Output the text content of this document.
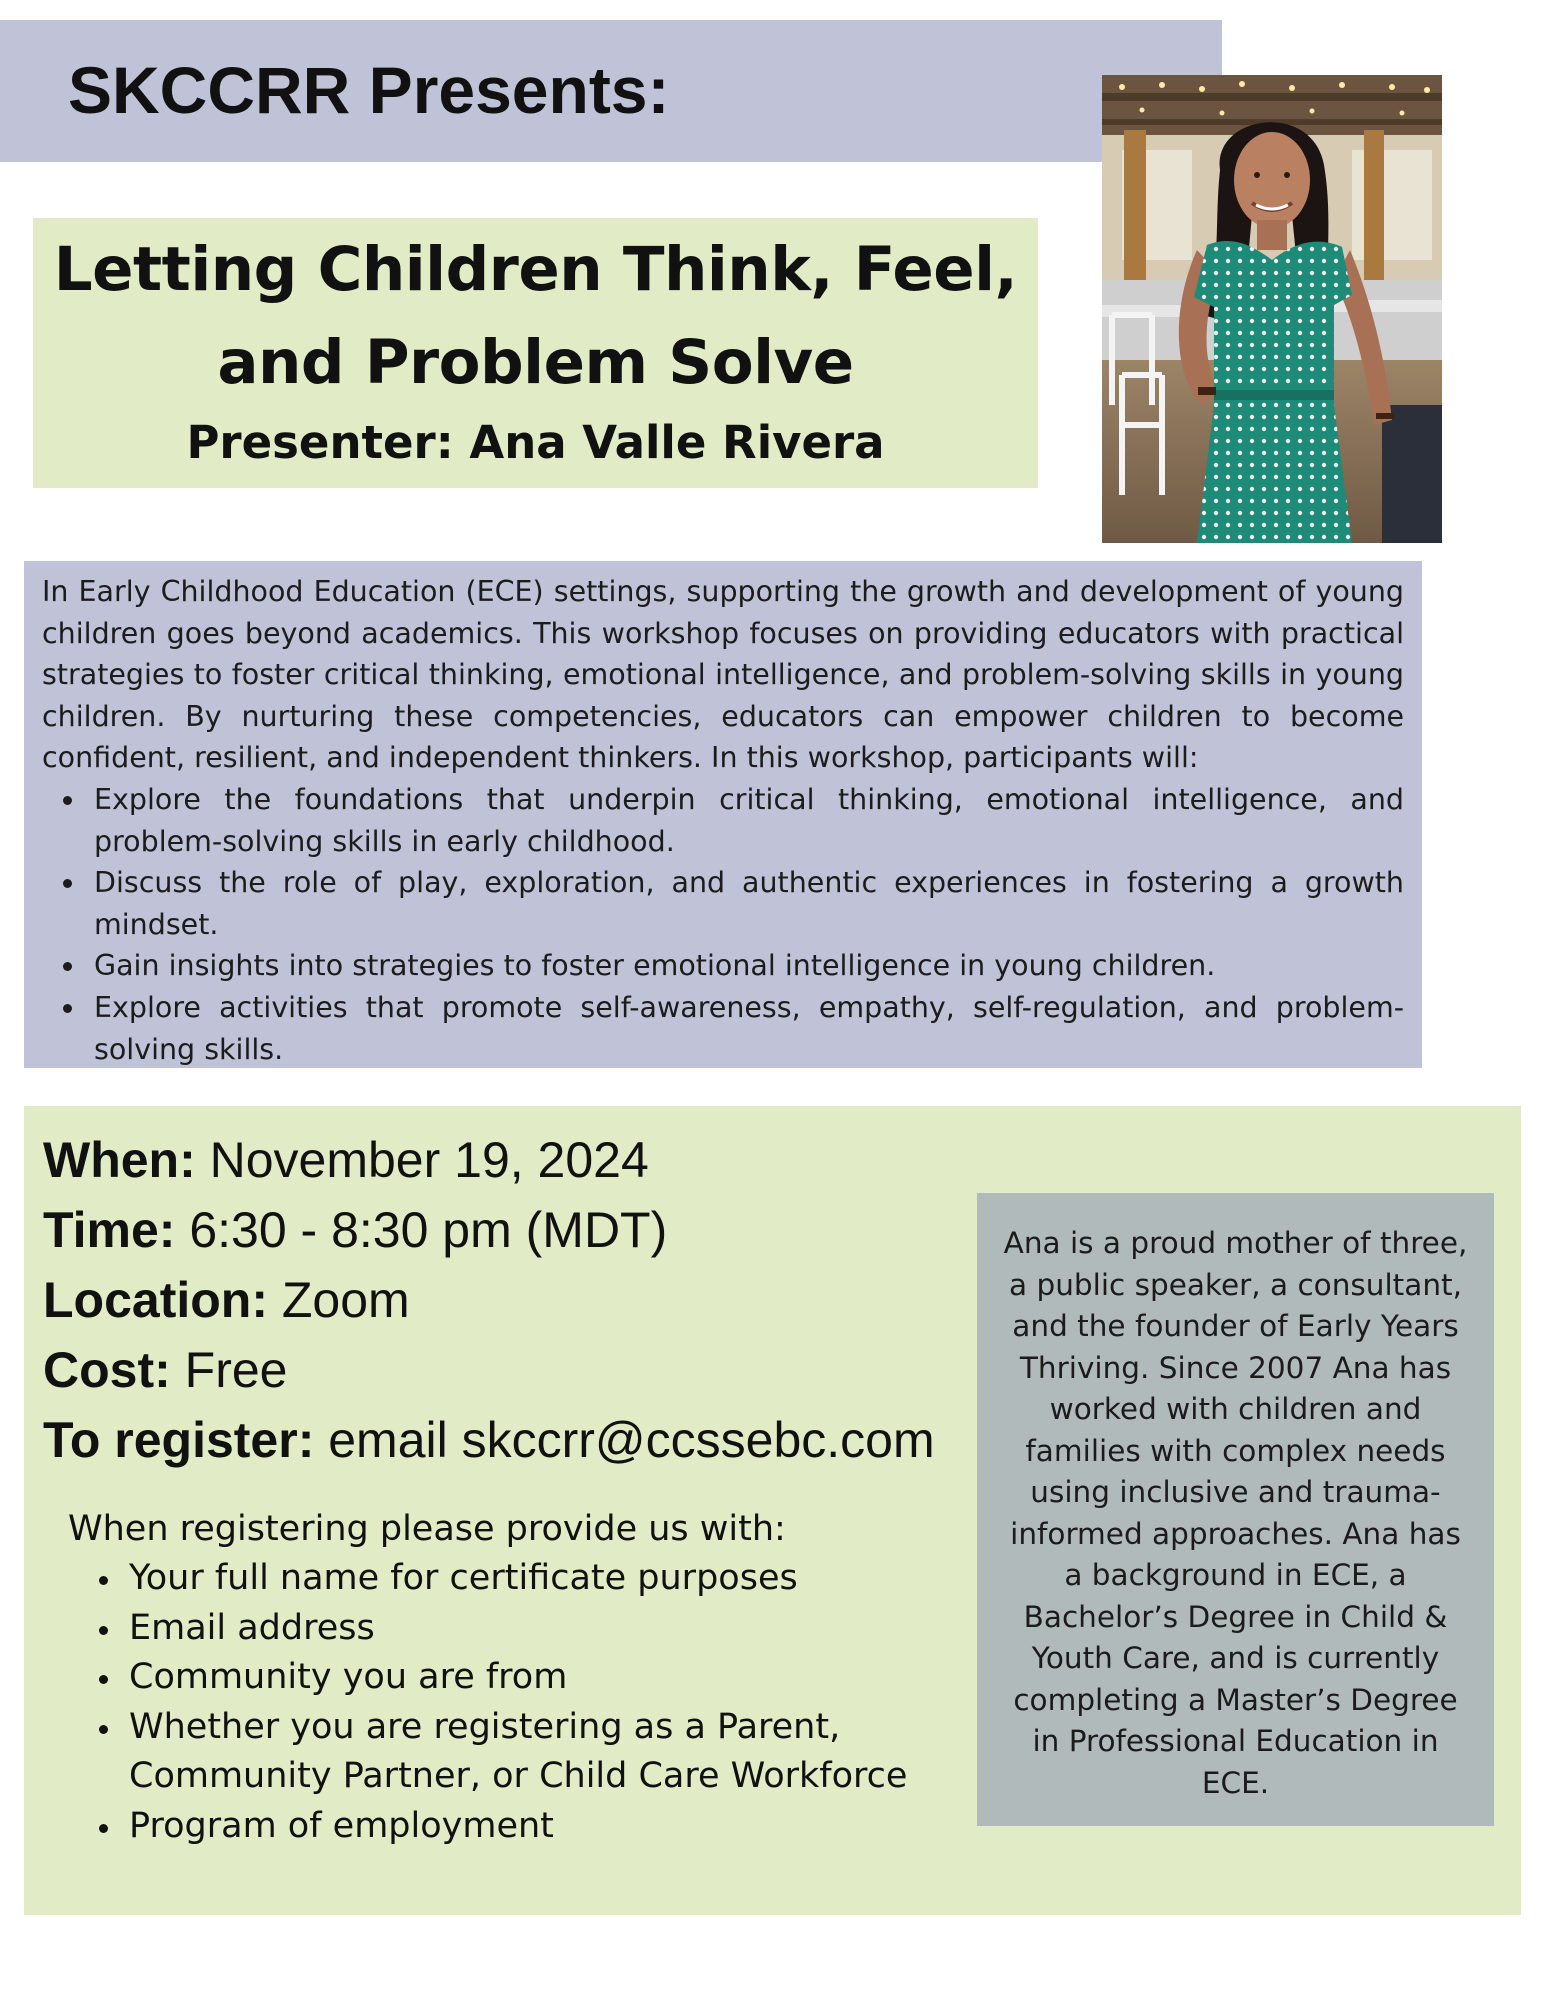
SKCCRR Presents:
Letting Children Think, Feel,
and Problem Solve
Presenter: Ana Valle Rivera

In Early Childhood Education (ECE) settings, supporting the growth and development of young children goes beyond academics. This workshop focuses on providing educators with practical strategies to foster critical thinking, emotional intelligence, and problem-solving skills in young children. By nurturing these competencies, educators can empower children to become confident, resilient, and independent thinkers. In this workshop, participants will:

Explore the foundations that underpin critical thinking, emotional intelligence, and problem-solving skills in early childhood.
Discuss the role of play, exploration, and authentic experiences in fostering a growth mindset.
Gain insights into strategies to foster emotional intelligence in young children.
Explore activities that promote self-awareness, empathy, self-regulation, and problem-solving skills.
When: November 19, 2024
Time: 6:30 - 8:30 pm (MDT)
Location: Zoom
Cost: Free
To register: email skccrr@ccssebc.com
When registering please provide us with:
Your full name for certificate purposes
Email address
Community you are from
Whether you are registering as a Parent,
Community Partner, or Child Care Workforce
Program of employment
Ana is a proud mother of three,
a public speaker, a consultant,
and the founder of Early Years
Thriving. Since 2007 Ana has
worked with children and
families with complex needs
using inclusive and trauma-
informed approaches. Ana has
a background in ECE, a
Bachelor’s Degree in Child &
Youth Care, and is currently
completing a Master’s Degree
in Professional Education in
ECE.
